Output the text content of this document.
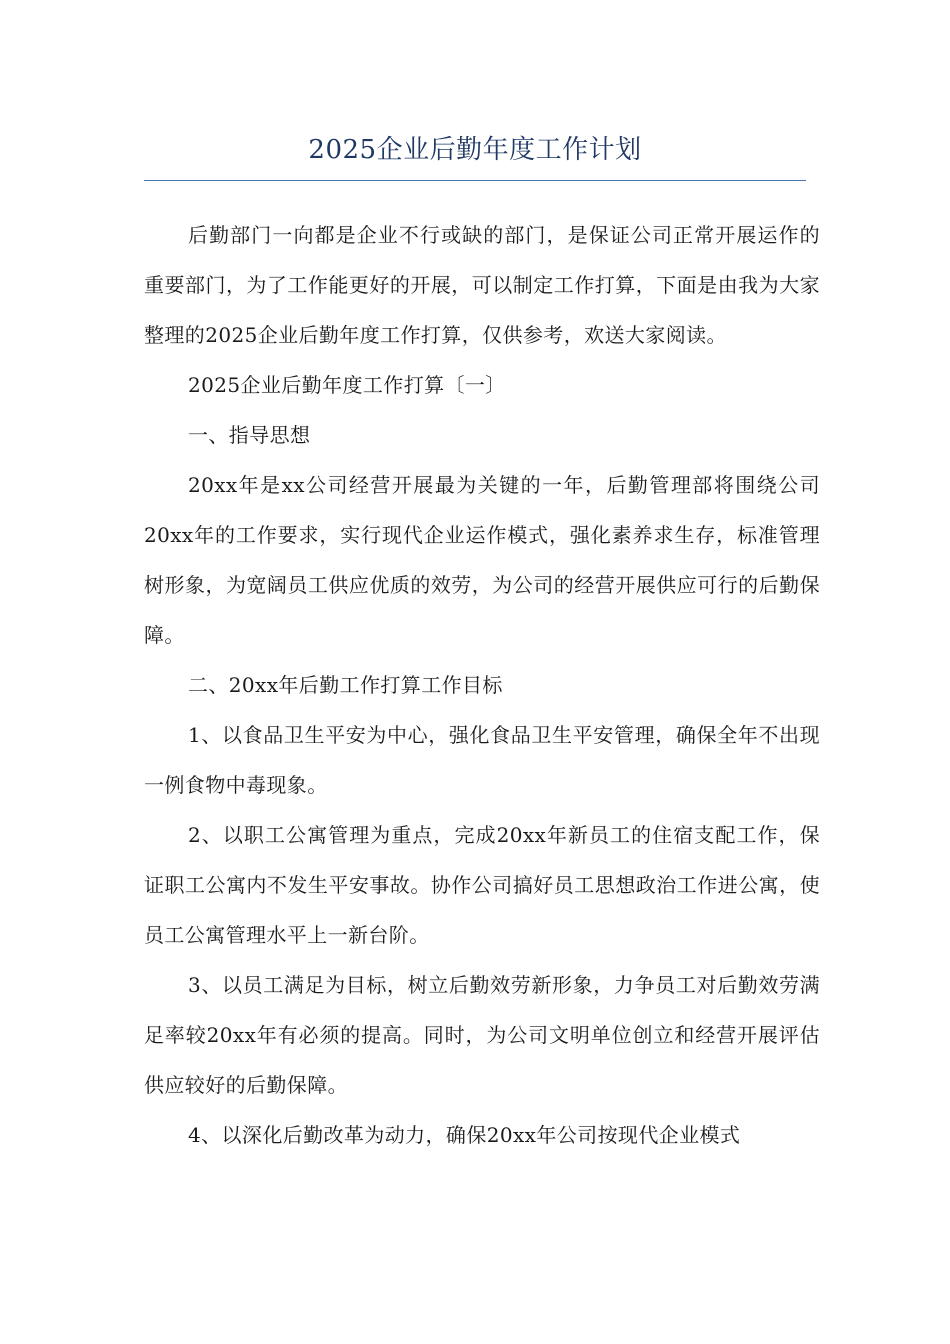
2025企业后勤年度工作计划

后勤部门一向都是企业不行或缺的部门，是保证公司正常开展运作的重要部门，为了工作能更好的开展，可以制定工作打算，下面是由我为大家整理的2025企业后勤年度工作打算，仅供参考，欢送大家阅读。

2025企业后勤年度工作打算〔一〕

一、指导思想

20xx年是xx公司经营开展最为关键的一年，后勤管理部将围绕公司20xx年的工作要求，实行现代企业运作模式，强化素养求生存，标准管理树形象，为宽阔员工供应优质的效劳，为公司的经营开展供应可行的后勤保障。

二、20xx年后勤工作打算工作目标

1、以食品卫生平安为中心，强化食品卫生平安管理，确保全年不出现一例食物中毒现象。

2、以职工公寓管理为重点，完成20xx年新员工的住宿支配工作，保证职工公寓内不发生平安事故。协作公司搞好员工思想政治工作进公寓，使员工公寓管理水平上一新台阶。

3、以员工满足为目标，树立后勤效劳新形象，力争员工对后勤效劳满足率较20xx年有必须的提高。同时，为公司文明单位创立和经营开展评估供应较好的后勤保障。

4、以深化后勤改革为动力，确保20xx年公司按现代企业模式
